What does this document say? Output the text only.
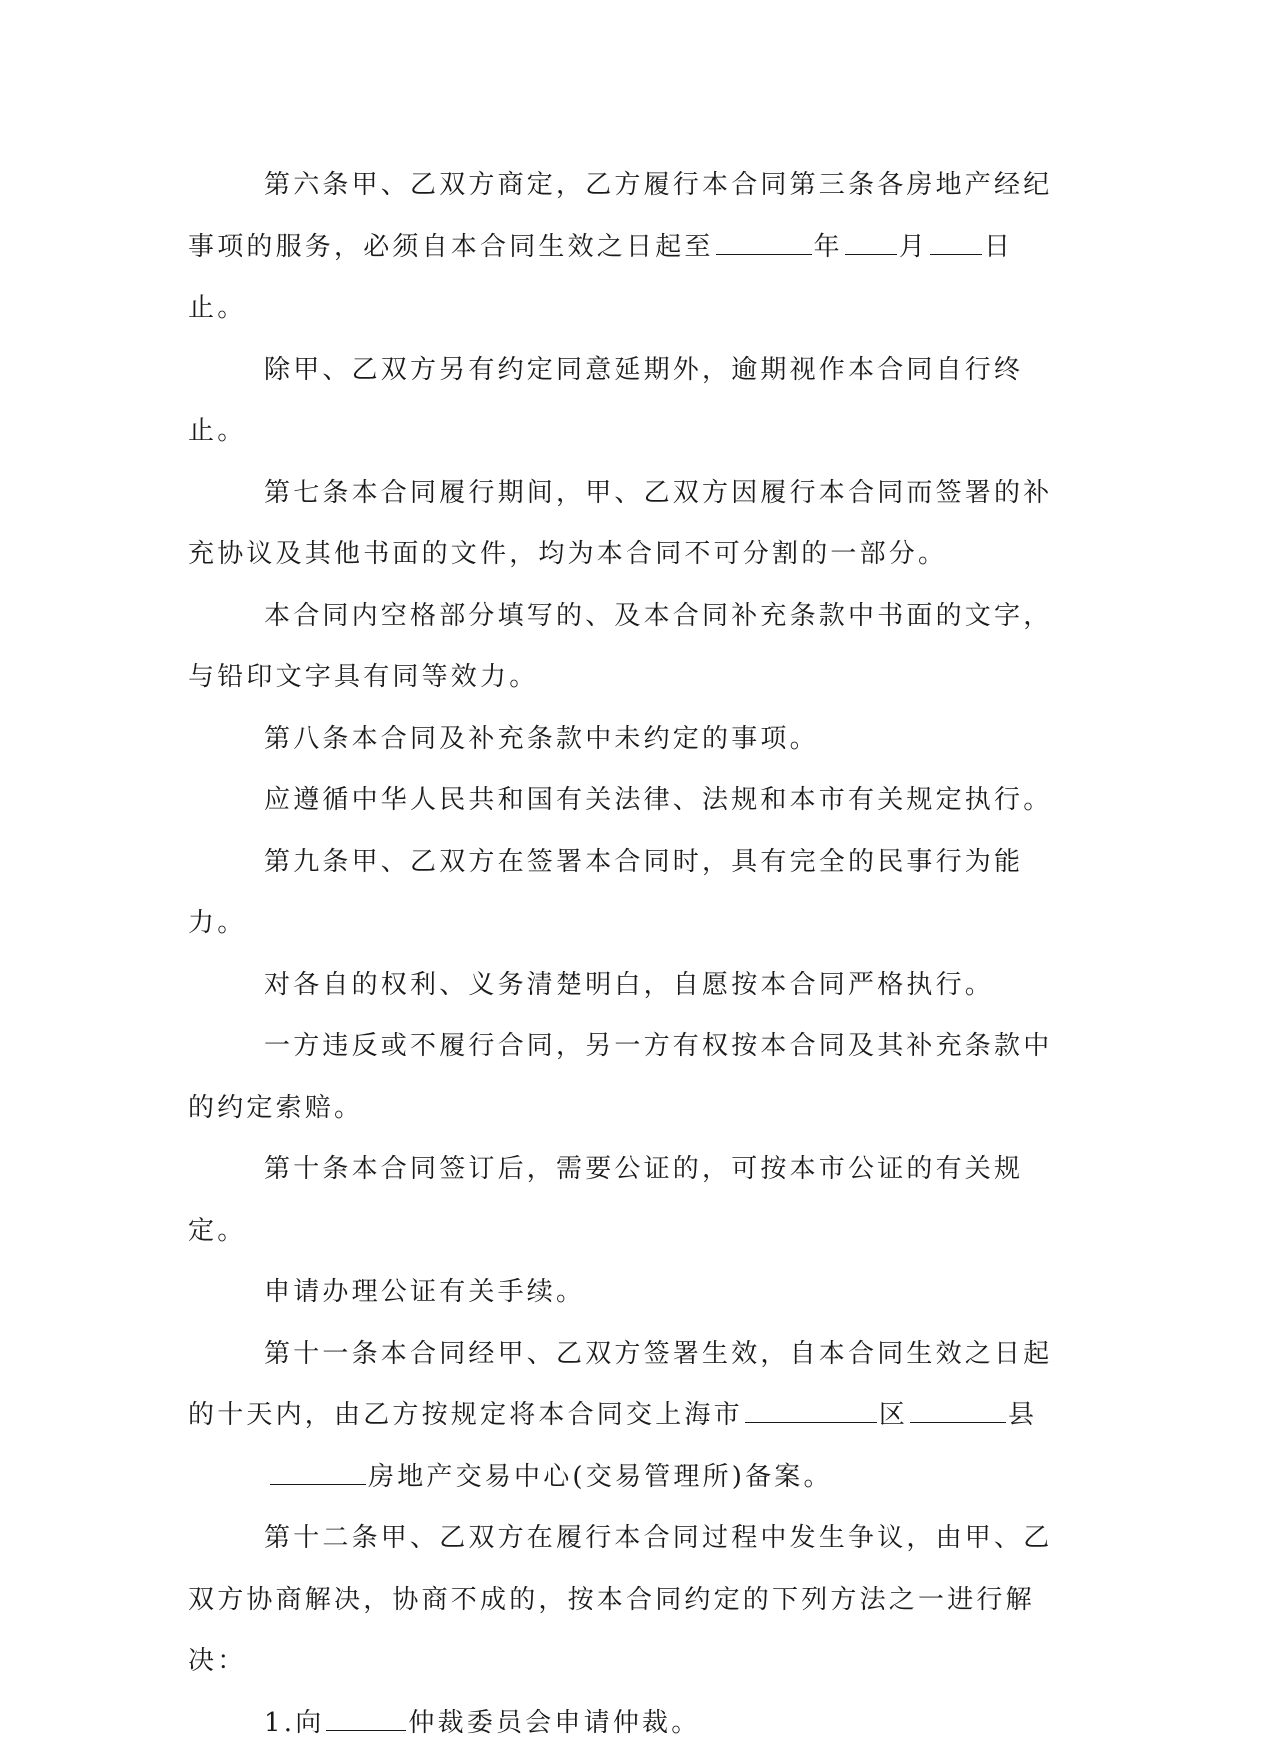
第六条甲、乙双方商定，乙方履行本合同第三条各房地产经纪事项的服务，必须自本合同生效之日起至	年 月 日止。

除甲、乙双方另有约定同意延期外，逾期视作本合同自行终止。

第七条本合同履行期间，甲、乙双方因履行本合同而签署的补充协议及其他书面的文件，均为本合同不可分割的一部分。

本合同内空格部分填写的、及本合同补充条款中书面的文字，与铅印文字具有同等效力。

第八条本合同及补充条款中未约定的事项。

应遵循中华人民共和国有关法律、法规和本市有关规定执行。

第九条甲、乙双方在签署本合同时，具有完全的民事行为能力。

对各自的权利、义务清楚明白，自愿按本合同严格执行。

一方违反或不履行合同，另一方有权按本合同及其补充条款中的约定索赔。

第十条本合同签订后，需要公证的，可按本市公证的有关规定。

申请办理公证有关手续。

第十一条本合同经甲、乙双方签署生效，自本合同生效之日起的十天内，由乙方按规定将本合同交上海市	区	县房地产交易中心(交易管理所)备案。

第十二条甲、乙双方在履行本合同过程中发生争议，由甲、乙双方协商解决，协商不成的，按本合同约定的下列方法之一进行解决：

1.向	仲裁委员会申请仲裁。
